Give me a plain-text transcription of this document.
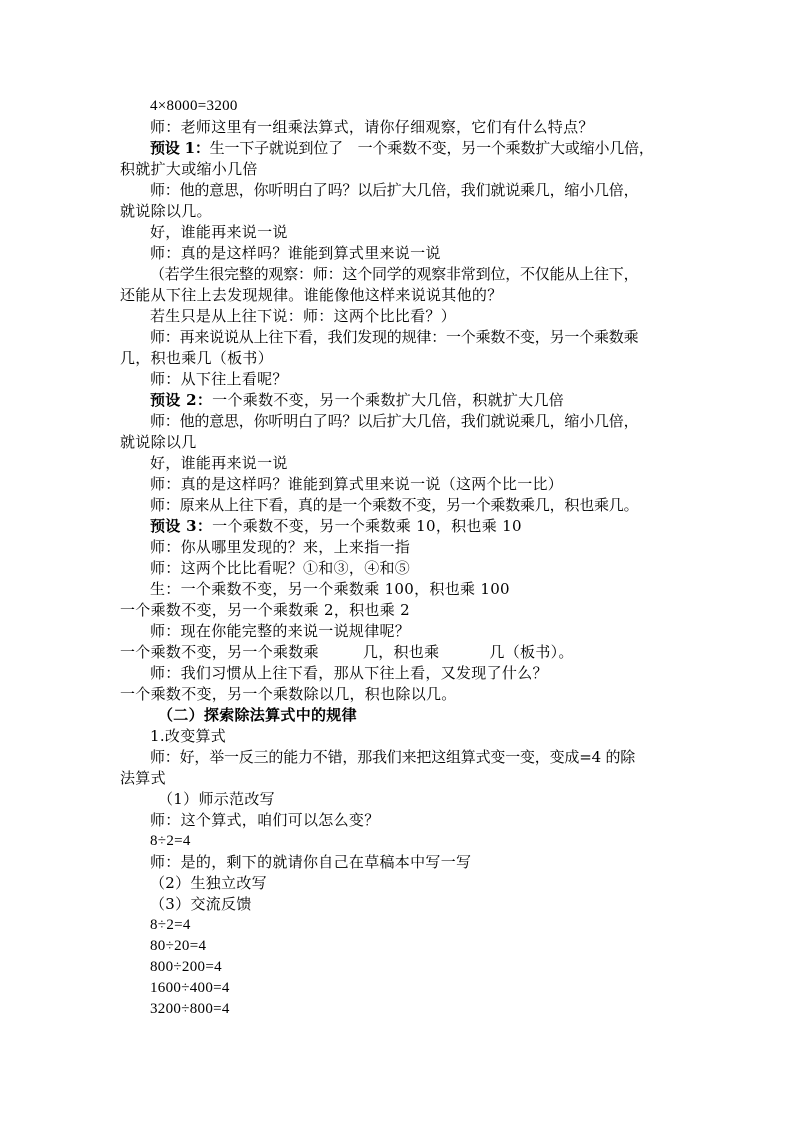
4×8000=3200
师：老师这里有一组乘法算式，请你仔细观察，它们有什么特点？
预设 1：生一下子就说到位了　一个乘数不变，另一个乘数扩大或缩小几倍，
积就扩大或缩小几倍
师：他的意思，你听明白了吗？以后扩大几倍，我们就说乘几，缩小几倍，
就说除以几。
好，谁能再来说一说
师：真的是这样吗？谁能到算式里来说一说
（若学生很完整的观察：师：这个同学的观察非常到位，不仅能从上往下，
还能从下往上去发现规律。谁能像他这样来说说其他的？
若生只是从上往下说：师：这两个比比看？）
师：再来说说从上往下看，我们发现的规律：一个乘数不变，另一个乘数乘
几，积也乘几（板书）
师：从下往上看呢？
预设 2：一个乘数不变，另一个乘数扩大几倍，积就扩大几倍
师：他的意思，你听明白了吗？以后扩大几倍，我们就说乘几，缩小几倍，
就说除以几
好，谁能再来说一说
师：真的是这样吗？谁能到算式里来说一说（这两个比一比）
师：原来从上往下看，真的是一个乘数不变，另一个乘数乘几，积也乘几。
预设 3：一个乘数不变，另一个乘数乘 10，积也乘 10
师：你从哪里发现的？来，上来指一指
师：这两个比比看呢？①和③，④和⑤
生：一个乘数不变，另一个乘数乘 100，积也乘 100
一个乘数不变，另一个乘数乘 2，积也乘 2
师：现在你能完整的来说一说规律呢？
一个乘数不变，另一个乘数乘	几，积也乘	几（板书）。
师：我们习惯从上往下看，那从下往上看，又发现了什么？
一个乘数不变，另一个乘数除以几，积也除以几。
（二）探索除法算式中的规律
1.改变算式
师：好，举一反三的能力不错，那我们来把这组算式变一变，变成=4 的除
法算式
（1）师示范改写
师：这个算式，咱们可以怎么变？
8÷2=4
师：是的，剩下的就请你自己在草稿本中写一写
（2）生独立改写
（3）交流反馈
8÷2=4
80÷20=4
800÷200=4
1600÷400=4
3200÷800=4
